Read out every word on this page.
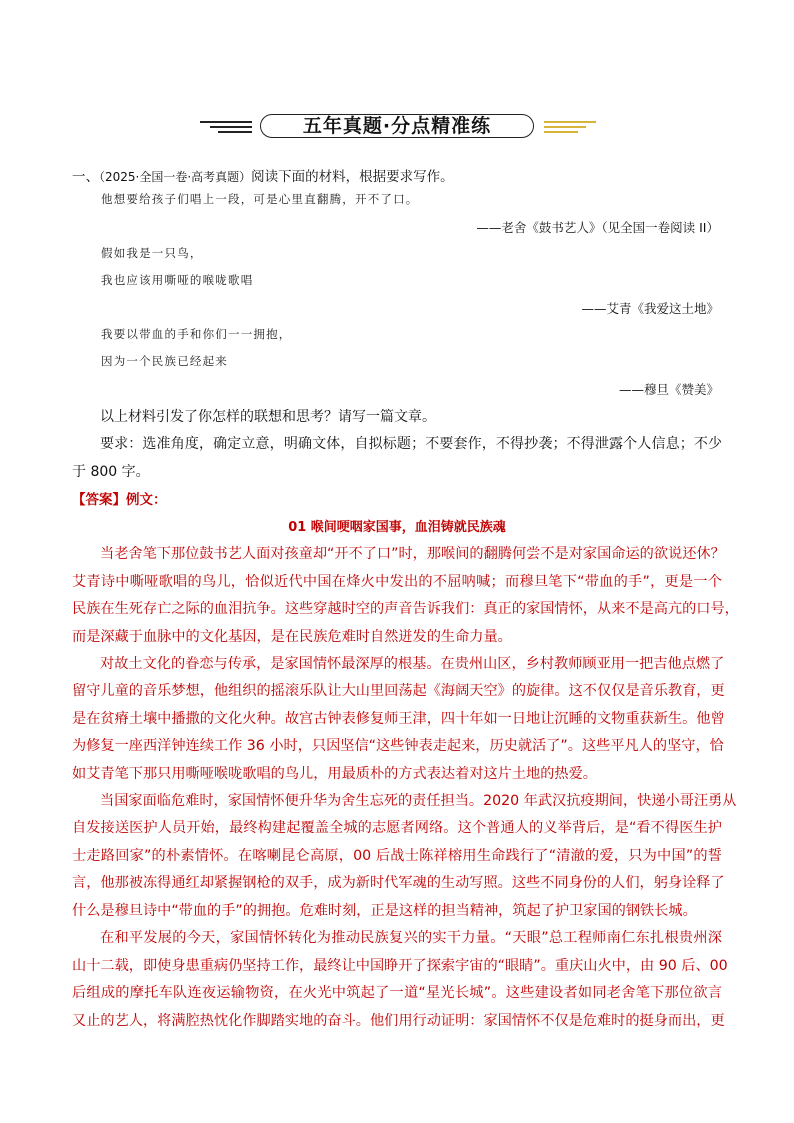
五年真题·分点精准练
一、（2025·全国一卷·高考真题）阅读下面的材料，根据要求写作。
他想要给孩子们唱上一段，可是心里直翻腾，开不了口。
——老舍《鼓书艺人》（见全国一卷阅读 II）
假如我是一只鸟，
我也应该用嘶哑的喉咙歌唱
——艾青《我爱这土地》
我要以带血的手和你们一一拥抱，
因为一个民族已经起来
——穆旦《赞美》
以上材料引发了你怎样的联想和思考？请写一篇文章。
要求：选准角度，确定立意，明确文体，自拟标题；不要套作，不得抄袭；不得泄露个人信息；不少
于 800 字。
【答案】例文：
01 喉间哽咽家国事，血泪铸就民族魂
当老舍笔下那位鼓书艺人面对孩童却“开不了口”时，那喉间的翻腾何尝不是对家国命运的欲说还休？
艾青诗中嘶哑歌唱的鸟儿，恰似近代中国在烽火中发出的不屈呐喊；而穆旦笔下“带血的手”，更是一个
民族在生死存亡之际的血泪抗争。这些穿越时空的声音告诉我们：真正的家国情怀，从来不是高亢的口号，
而是深藏于血脉中的文化基因，是在民族危难时自然迸发的生命力量。
对故土文化的眷恋与传承，是家国情怀最深厚的根基。在贵州山区，乡村教师顾亚用一把吉他点燃了
留守儿童的音乐梦想，他组织的摇滚乐队让大山里回荡起《海阔天空》的旋律。这不仅仅是音乐教育，更
是在贫瘠土壤中播撒的文化火种。故宫古钟表修复师王津，四十年如一日地让沉睡的文物重获新生。他曾
为修复一座西洋钟连续工作 36 小时，只因坚信“这些钟表走起来，历史就活了”。这些平凡人的坚守，恰
如艾青笔下那只用嘶哑喉咙歌唱的鸟儿，用最质朴的方式表达着对这片土地的热爱。
当国家面临危难时，家国情怀便升华为舍生忘死的责任担当。2020 年武汉抗疫期间，快递小哥汪勇从
自发接送医护人员开始，最终构建起覆盖全城的志愿者网络。这个普通人的义举背后，是“看不得医生护
士走路回家”的朴素情怀。在喀喇昆仑高原，00 后战士陈祥榕用生命践行了“清澈的爱，只为中国”的誓
言，他那被冻得通红却紧握钢枪的双手，成为新时代军魂的生动写照。这些不同身份的人们，躬身诠释了
什么是穆旦诗中“带血的手”的拥抱。危难时刻，正是这样的担当精神，筑起了护卫家国的钢铁长城。
在和平发展的今天，家国情怀转化为推动民族复兴的实干力量。“天眼”总工程师南仁东扎根贵州深
山十二载，即使身患重病仍坚持工作，最终让中国睁开了探索宇宙的“眼睛”。重庆山火中，由 90 后、00
后组成的摩托车队连夜运输物资，在火光中筑起了一道“星光长城”。这些建设者如同老舍笔下那位欲言
又止的艺人，将满腔热忱化作脚踏实地的奋斗。他们用行动证明：家国情怀不仅是危难时的挺身而出，更
